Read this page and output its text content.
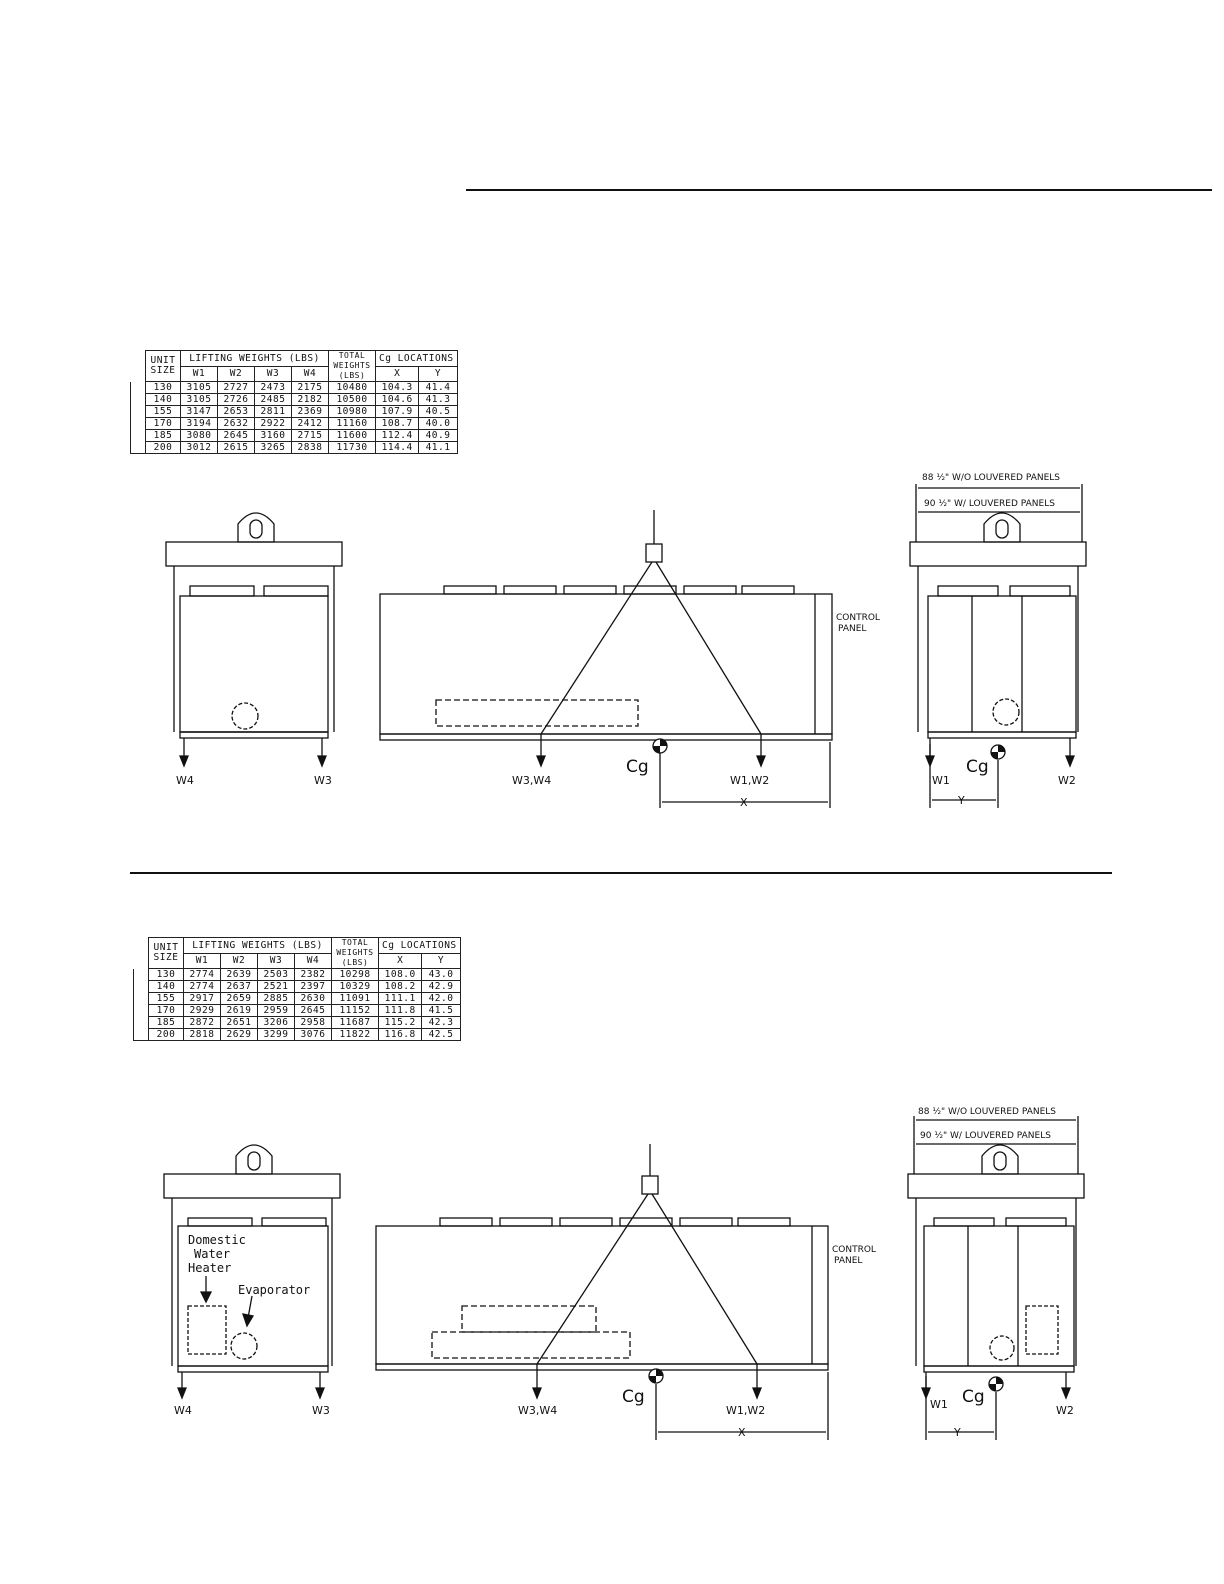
	UNIT SIZE	LIFTING WEIGHTS (LBS)				TOTAL WEIGHTS (LBS)	Cg LOCATIONS	
		W1	W2	W3	W4		X	Y
	130	3105	2727	2473	2175	10480	104.3	41.4
	140	3105	2726	2485	2182	10500	104.6	41.3
	155	3147	2653	2811	2369	10980	107.9	40.5
	170	3194	2632	2922	2412	11160	108.7	40.0
	185	3080	2645	3160	2715	11600	112.4	40.9
	200	3012	2615	3265	2838	11730	114.4	41.1
W4	W3	W3,W4	W1,W2
Cg
X
CONTROL
PANEL
W1
Cg
W2
Y
88 ½" W/O LOUVERED PANELS
90 ½" W/ LOUVERED PANELS
	UNIT SIZE	LIFTING WEIGHTS (LBS)				TOTAL WEIGHTS (LBS)	Cg LOCATIONS	
		W1	W2	W3	W4		X	Y
	130	2774	2639	2503	2382	10298	108.0	43.0
	140	2774	2637	2521	2397	10329	108.2	42.9
	155	2917	2659	2885	2630	11091	111.1	42.0
	170	2929	2619	2959	2645	11152	111.8	41.5
	185	2872	2651	3206	2958	11687	115.2	42.3
	200	2818	2629	3299	3076	11822	116.8	42.5
Domestic
Water
Heater
Evaporator
W4	W3	W3,W4	W1,W2
Cg
X
CONTROL
PANEL
W1 Cg
W2
Y
88 ½" W/O LOUVERED PANELS
90 ½" W/ LOUVERED PANELS
